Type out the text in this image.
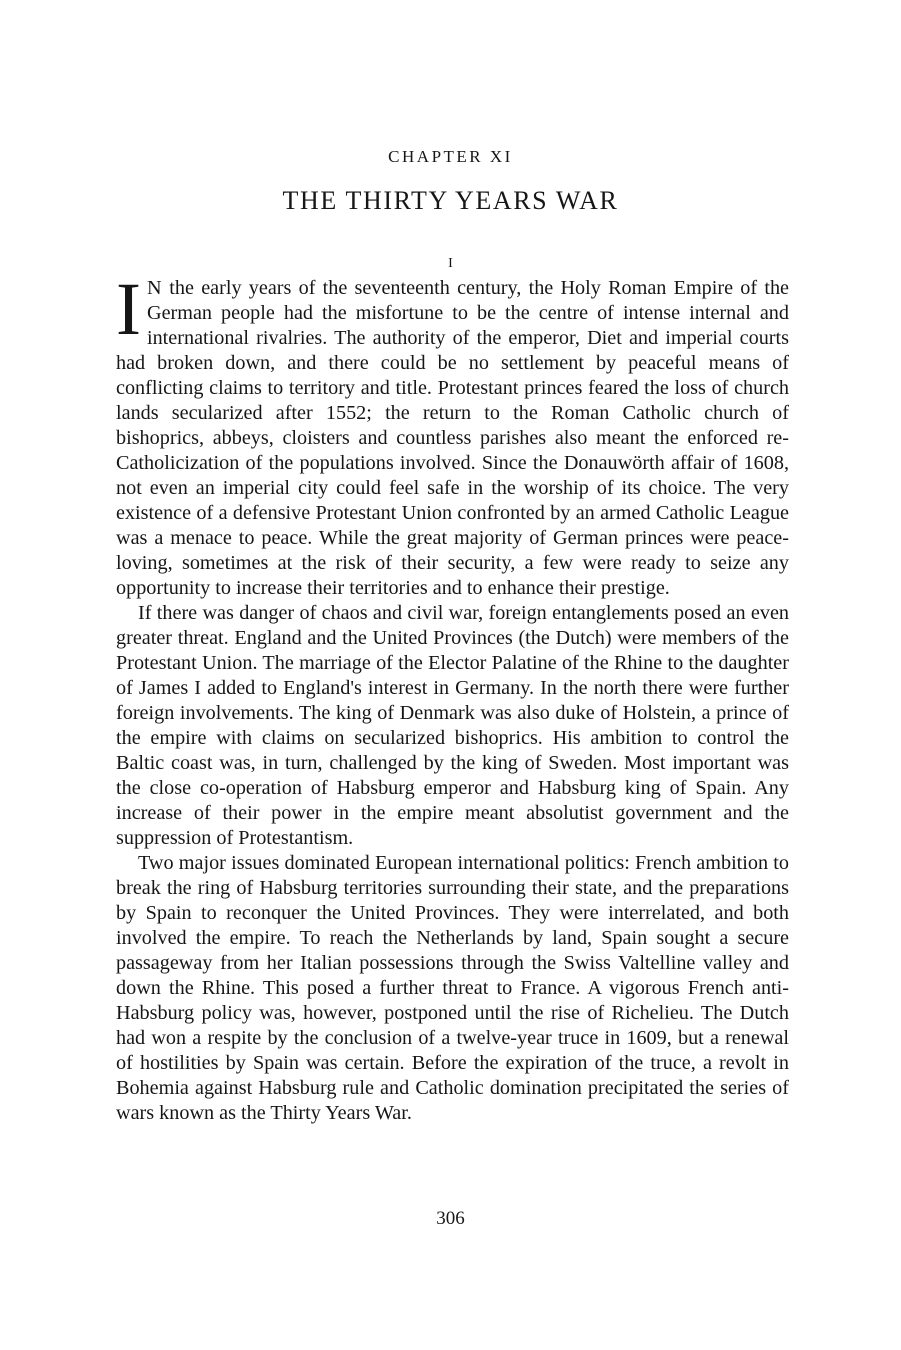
CHAPTER XI
THE THIRTY YEARS WAR
I

I N the early years of the seventeenth century, the Holy Roman Empire of the German people had the misfortune to be the centre of intense internal and international rivalries. The authority of the emperor, Diet and imperial courts had broken down, and there could be no settlement by peaceful means of conflicting claims to territory and title. Protestant princes feared the loss of church lands secularized after 1552; the return to the Roman Catholic church of bishoprics, abbeys, cloisters and countless parishes also meant the enforced re-Catholicization of the populations involved. Since the Donauwörth affair of 1608, not even an imperial city could feel safe in the worship of its choice. The very existence of a defensive Protestant Union confronted by an armed Catholic League was a menace to peace. While the great majority of German princes were peace-loving, sometimes at the risk of their security, a few were ready to seize any opportunity to increase their territories and to enhance their prestige.

If there was danger of chaos and civil war, foreign entanglements posed an even greater threat. England and the United Provinces (the Dutch) were members of the Protestant Union. The marriage of the Elector Palatine of the Rhine to the daughter of James I added to England's interest in Germany. In the north there were further foreign involvements. The king of Denmark was also duke of Holstein, a prince of the empire with claims on secularized bishoprics. His ambition to control the Baltic coast was, in turn, challenged by the king of Sweden. Most important was the close co-operation of Habsburg emperor and Habsburg king of Spain. Any increase of their power in the empire meant absolutist government and the suppression of Protestantism.

Two major issues dominated European international politics: French ambition to break the ring of Habsburg territories surrounding their state, and the preparations by Spain to reconquer the United Provinces. They were interrelated, and both involved the empire. To reach the Netherlands by land, Spain sought a secure passageway from her Italian possessions through the Swiss Valtelline valley and down the Rhine. This posed a further threat to France. A vigorous French anti-Habsburg policy was, however, postponed until the rise of Richelieu. The Dutch had won a respite by the conclusion of a twelve-year truce in 1609, but a renewal of hostilities by Spain was certain. Before the expiration of the truce, a revolt in Bohemia against Habsburg rule and Catholic domination precipitated the series of wars known as the Thirty Years War.

306
